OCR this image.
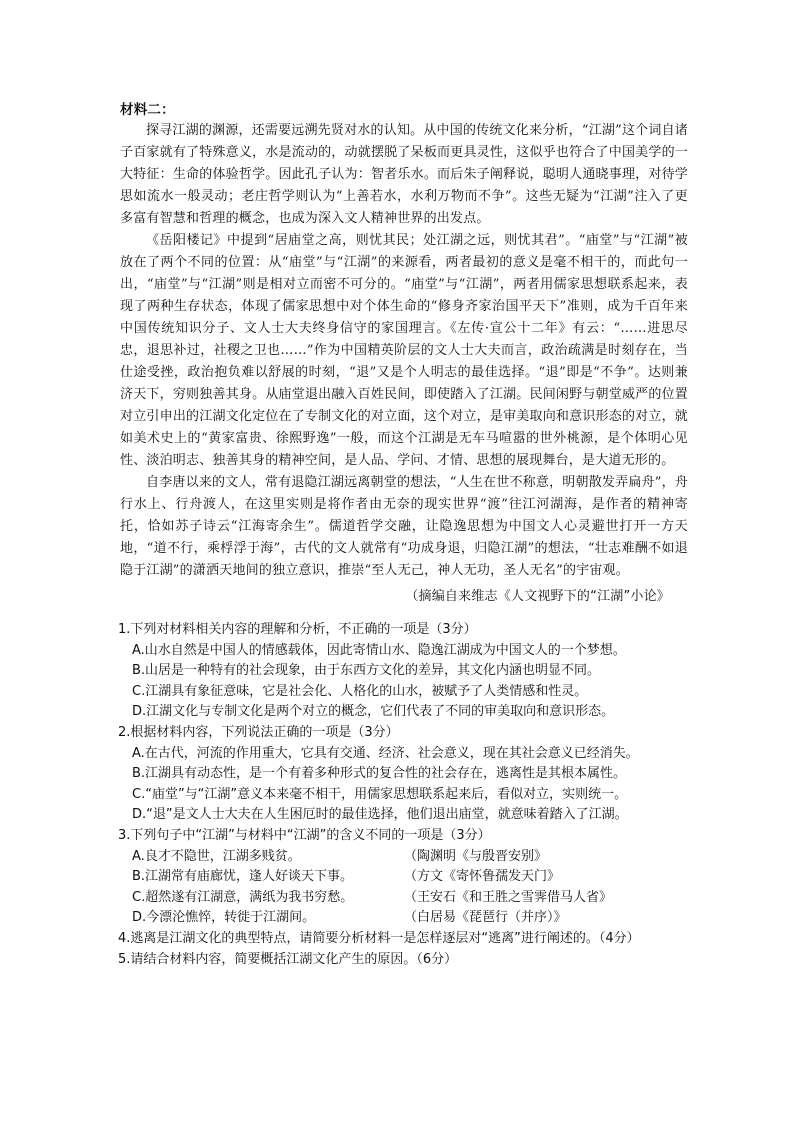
材料二：

探寻江湖的渊源，还需要远溯先贤对水的认知。从中国的传统文化来分析，“江湖”这个词自诸子百家就有了特殊意义，水是流动的，动就摆脱了呆板而更具灵性，这似乎也符合了中国美学的一大特征：生命的体验哲学。因此孔子认为：智者乐水。而后朱子阐释说，聪明人通晓事理，对待学思如流水一般灵动；老庄哲学则认为“上善若水，水利万物而不争”。这些无疑为“江湖”注入了更多富有智慧和哲理的概念，也成为深入文人精神世界的出发点。

《岳阳楼记》中提到“居庙堂之高，则忧其民；处江湖之远，则忧其君”。“庙堂”与“江湖”被放在了两个不同的位置：从“庙堂”与“江湖”的来源看，两者最初的意义是毫不相干的，而此句一出，“庙堂”与“江湖”则是相对立而密不可分的。“庙堂”与“江湖”，两者用儒家思想联系起来，表现了两种生存状态，体现了儒家思想中对个体生命的“修身齐家治国平天下”准则，成为千百年来中国传统知识分子、文人士大夫终身信守的家国理言。《左传·宣公十二年》有云：“……进思尽忠，退思补过，社稷之卫也……”作为中国精英阶层的文人士大夫而言，政治疏满是时刻存在，当仕途受挫，政治抱负难以舒展的时刻，“退”又是个人明志的最佳选择。“退”即是“不争”。达则兼济天下，穷则独善其身。从庙堂退出融入百姓民间，即使踏入了江湖。民间闲野与朝堂威严的位置对立引申出的江湖文化定位在了专制文化的对立面，这个对立，是审美取向和意识形态的对立，就如美术史上的“黄家富贵、徐熙野逸”一般，而这个江湖是无车马喧嚣的世外桃源，是个体明心见性、淡泊明志、独善其身的精神空间，是人品、学问、才情、思想的展现舞台，是大道无形的。

自李唐以来的文人，常有退隐江湖远离朝堂的想法，“人生在世不称意，明朝散发弄扁舟”，舟行水上、行舟渡人，在这里实则是将作者由无奈的现实世界“渡”往江河湖海，是作者的精神寄托，恰如苏子诗云“江海寄余生”。儒道哲学交融，让隐逸思想为中国文人心灵避世打开一方天地，“道不行，乘桴浮于海”，古代的文人就常有“功成身退，归隐江湖”的想法，“壮志难酬不如退隐于江湖”的潇洒天地间的独立意识，推崇“至人无己，神人无功，圣人无名”的宇宙观。

（摘编自来维志《人文视野下的“江湖”小论》

1.下列对材料相关内容的理解和分析，不正确的一项是（3分）

A.山水自然是中国人的情感载体，因此寄情山水、隐逸江湖成为中国文人的一个梦想。

B.山居是一种特有的社会现象，由于东西方文化的差异，其文化内涵也明显不同。

C.江湖具有象征意味，它是社会化、人格化的山水，被赋予了人类情感和性灵。

D.江湖文化与专制文化是两个对立的概念，它们代表了不同的审美取向和意识形态。

2.根据材料内容，下列说法正确的一项是（3分）

A.在古代，河流的作用重大，它具有交通、经济、社会意义，现在其社会意义已经消失。

B.江湖具有动态性，是一个有着多种形式的复合性的社会存在，逃离性是其根本属性。

C.“庙堂”与“江湖”意义本来毫不相干，用儒家思想联系起来后，看似对立，实则统一。

D.“退”是文人士大夫在人生困厄时的最佳选择，他们退出庙堂，就意味着踏入了江湖。

3.下列句子中“江湖”与材料中“江湖”的含义不同的一项是（3分）

A.良才不隐世，江湖多贱贫。	（陶渊明《与殷晋安别》
B.江湖常有庙廊忧，逢人好谈天下事。	（方文《寄怀鲁孺发天门》
C.超然遂有江湖意，满纸为我书穷愁。	（王安石《和王胜之雪霁借马人省》
D.今漂沦憔悴，转徙于江湖间。	（白居易《琵琶行（并序）》

4.逃离是江湖文化的典型特点，请简要分析材料一是怎样逐层对“逃离”进行阐述的。（4分）

5.请结合材料内容，简要概括江湖文化产生的原因。（6分）
